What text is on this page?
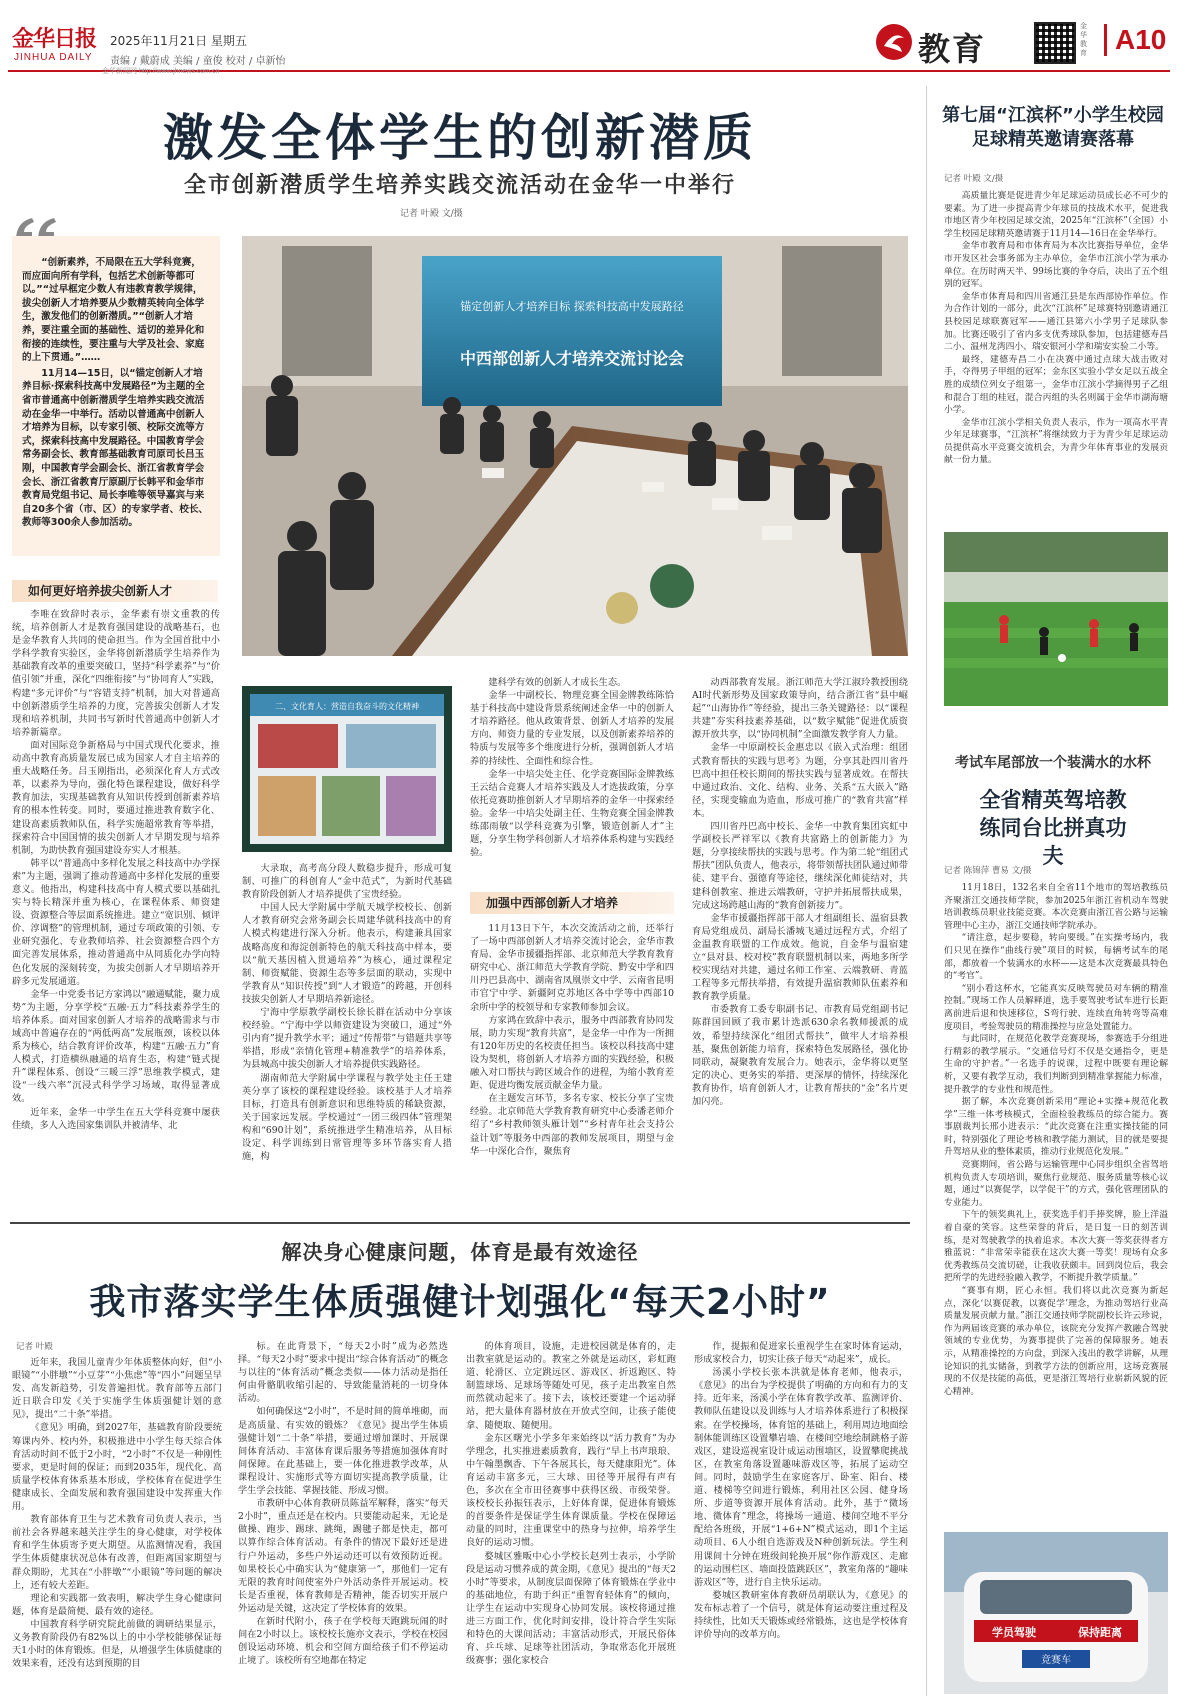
金华日报
JINHUA DAILY
2025年11月21日 星期五
责编 / 戴蔚成 美编 / 童俊 校对 / 卓新怡	教育
金华教育	A10
金华新闻网 http://www.jhnews.com.cn
激发全体学生的创新潜质
全市创新潜质学生培养实践交流活动在金华一中举行
记者 叶殿 文/摄

“创新素养，不局限在五大学科竞赛，而应面向所有学科，包括艺术创新等都可以。”“过早框定少数人有违教育教学规律，拔尖创新人才培养要从少数精英转向全体学生，激发他们的创新潜质。”“创新人才培养，要注重全面的基础性、适切的差异化和衔接的连续性，要注重与大学及社会、家庭的上下贯通。”……

11月14—15日，以“锚定创新人才培养目标·探索科技高中发展路径”为主题的全省市普通高中创新潜质学生培养实践交流活动在金华一中举行。活动以普通高中创新人才培养为目标，以专家引领、校际交流等方式，探索科技高中发展路径。中国教育学会常务副会长、教育部基础教育司原司长吕玉刚，中国教育学会副会长、浙江省教育学会会长、浙江省教育厅原副厅长韩平和金华市教育局党组书记、局长李唯等领导嘉宾与来自20多个省（市、区）的专家学者、校长、教师等300余人参加活动。

如何更好培养拔尖创新人才

李唯在致辞时表示，金华素有崇文重教的传统，培养创新人才是教育强国建设的战略基石，也是金华教育人共同的使命担当。作为全国首批中小学科学教育实验区，金华将创新潜质学生培养作为基础教育改革的重要突破口，坚持“科学素养”与“价值引领”并重，深化“四维衔接”与“协同育人”实践，构建“多元评价”与“容错支持”机制，加大对普通高中创新潜质学生培养的力度，完善拔尖创新人才发现和培养机制，共同书写新时代普通高中创新人才培养新篇章。

面对国际竞争新格局与中国式现代化要求，推动高中教育高质量发展已成为国家人才自主培养的重大战略任务。吕玉刚指出，必须深化育人方式改革，以素养为导向，强化特色课程建设，做好科学教育加法，实现基础教育从知识传授到创新素养培育的根本性转变。同时，要通过推进教育数字化、建设高素质教师队伍，科学实施超常教育等举措，探索符合中国国情的拔尖创新人才早期发现与培养机制，为助快教育强国建设夯实人才根基。

韩平以“普通高中多样化发展之科技高中办学探索”为主题，强调了推动普通高中多样化发展的重要意义。他指出，构建科技高中育人模式要以基础扎实与特长精深并重为核心，在课程体系、师资建设、资源整合等层面系统推进。建立“宽识别、倾评价、淳调整”的管理机制，通过专项政策的引领、专业研究强化、专业教师培养、社会资源整合四个方面完善发展体系，推动普通高中从同质化办学向特色化发展的深刻转变，为拔尖创新人才早期培养开辟多元发展通道。

金华一中党委书记方家鸿以“融通赋能，聚力成势”为主题，分享学校“五融·五力”科技素养学生的培养体系。面对国家创新人才培养的战略需求与市域高中普遍存在的“两低两高”发展瓶颈，该校以体系为核心，结合教育评价改革，构建“五融·五力”育人模式，打造横纵融通的培育生态，构建“链式提升”课程体系、创设“三暖三浮”思维教学模式，建设“一线六率”沉浸式科学学习场域，取得显著成效。

近年来，金华一中学生在五大学科竞赛中屡获佳绩，多人入选国家集训队并被清华、北

锚定创新人才培养目标 探索科技高中发展路径
中西部创新人才培养交流讨论会
二、文化育人：营造自我奋斗的文化精神

建科学有效的创新人才成长生态。

金华一中副校长、物理竞赛全国金牌教练陈恰基于科技高中建设背景系统阐述金华一中的创新人才培养路径。他从政策背景、创新人才培养的发展方向、师资力量的专业发展，以及创新素养培养的特质与发展等多个维度进行分析，强调创新人才培养的持续性、全面性和综合性。

金华一中培尖处主任、化学竞赛国际金牌教练王云结合竞赛人才培养实践及人才选拔政策，分享依托竞赛助推创新人才早期培养的金华一中探索经验。金华一中培尖处副主任、生物竞赛全国金牌教练邵雨敏“以学科竞赛为引擎，锻造创新人才”主题，分享生物学科创新人才培养体系构建与实践经验。

大录取，高考高分段人数稳步提升，形成可复制、可推广的科创育人“金中范式”，为新时代基础教育阶段创新人才培养提供了宝贵经验。

中国人民大学附属中学航天城学校校长、创新人才教育研究会常务副会长周建华就科技高中的育人模式构建进行深入分析。他表示，构建兼具国家战略高度和海淀创新特色的航天科技高中样本，要以“航天基因植入贯通培养”为核心，通过课程定制、师资赋能、资源生态等多层面的联动，实现中学教育从“知识传授”到“人才锻造”的跨越，开创科技拔尖创新人才早期培养新途径。

宁海中学原教学副校长徐长群在活动中分享该校经验。“宁海中学以师资建设为突破口，通过“外引内育”提升教学水平；通过“传帮带”与错题共享等举措，形成“亲情化管理+精准教学”的培养体系，为县城高中拔尖创新人才培养提供实践路径。

湖南师范大学附属中学课程与教学处主任王建英分享了该校的课程建设经验。该校基于人才培养目标，打造具有创新意识和思维特质的稀缺资源，关于国家远发展。学校通过“一团三级四体”管理架构和“690计划”，系统推进学生精准培养，从目标设定、科学训练到日常管理等多环节落实育人措施，构

加强中西部创新人才培养

11月13日下午，本次交流活动之前，还举行了一场中西部创新人才培养交流讨论会，金华市教育局、金华市援疆指挥部、北京师范大学教育教育研究中心、浙江师范大学教育学院、黔安中学和四川丹巴县高中、湖南省凤凰崇文中学、云南省昆明市官宁中学、新疆阿克苏地区各中学等中西部10余所中学的校领导和专家教师参加会议。

方家鸿在致辞中表示，服务中西部教育协同发展，助力实现“教育共富”，是金华一中作为一所拥有120年历史的名校责任担当。该校以科技高中建设为契机，将创新人才培养方面的实践经验，积极融入对口帮扶与跨区域合作的进程，为缩小教育差距、促进均衡发展贡献金华力量。

在主题发言环节，多名专家、校长分享了宝贵经验。北京师范大学教育教育研究中心委潘老师介绍了“乡村教师领头雁计划”“乡村青年社会支持公益计划”等服务中西部的教师发展项目，期望与金华一中深化合作，聚焦育

动西部教育发展。浙江师范大学江淑玲教授围绕AI时代新形势及国家政策导向，结合浙江省“县中崛起”“山海协作”等经验，提出三条关键路径：以“课程共建”夯实科技素养基础，以“数字赋能”促进优质资源开放共享，以“协同机制”全面激发教学育人力量。

金华一中原副校长金惠忠以《嵌入式治理：组团式教育帮扶的实践与思考》为题，分享其赴四川省丹巴高中担任校长期间的帮扶实践与显著成效。在帮扶中通过政治、文化、结构、业务、关系“五大嵌入”路径，实现变输血为造血，形成可推广的“教育共富”样本。

四川省丹巴高中校长、金华一中教育集团宾虹中学副校长严祥军以《教育共富路上的创新能力》为题，分享接续帮扶的实践与思考。作为第二轮“组团式帮扶”团队负责人，他表示，将带领帮扶团队通过师带徒、建平台、强德育等途径，继续深化师徒结对，共建科创教室、推进云端教研，守护并拓展帮扶成果，完成这场跨越山海的“教育创新接力”。

金华市援疆指挥部干部人才组副组长、温宿县教育局党组成员、副局长潘城飞通过远程方式，介绍了金温教育联盟的工作成效。他说，自金华与温宿建立“县对县、校对校”教育联盟机制以来，两地多所学校实现结对共建，通过名师工作室、云端教研、青蓝工程等多元帮扶举措，有效提升温宿教师队伍素养和教育教学质量。

市委教育工委专职副书记、市教育局党组副书记陈群国回顾了我市累计选派630余名教师援派的成效，希望持续深化“组团式帮扶”，做牢人才培养根基，聚焦创新能力培育，探索特色发展路径，强化协同联动，凝聚教育发展合力。她表示，金华将以更坚定的决心、更务实的举措、更深厚的情怀，持续深化教育协作，培育创新人才，让教育帮扶的“金”名片更加闪亮。

第七届“江滨杯”小学生校园足球精英邀请赛落幕
记者 叶殿 文/摄

高质量比赛是促进青少年足球运动员成长必不可少的要素。为了进一步提高青少年球员的技战术水平，促进我市地区青少年校园足球交流，2025年“江滨杯”（全国）小学生校园足球精英邀请赛于11月14—16日在金华举行。

金华市教育局和市体育局为本次比赛指导单位，金华市开发区社会事务部为主办单位，金华市江滨小学为承办单位。在历时两天半、99场比赛的争夺后，决出了五个组别的冠军。

金华市体育局和四川省通江县是东西部协作单位。作为合作计划的一部分，此次“江滨杯”足球赛特别邀请通江县校园足球联赛冠军——通江县第六小学男子足球队参加。比赛还吸引了省内多支优秀球队参加，包括建德寿昌二小、温州龙湾四小、瑞安银河小学和瑞安实验二小等。

最终，建德寿昌二小在决赛中通过点球大战击败对手，夺得男子甲组的冠军；金东区实验小学女足以五战全胜的成绩位列女子组第一，金华市江滨小学摘得男子乙组和混合丁组的桂冠，混合丙组的头名则属于金华市湖海塘小学。

金华市江滨小学相关负责人表示，作为一项高水平青少年足球赛事，“江滨杯”将继续致力于为青少年足球运动员提供高水平竞赛交流机会，为青少年体育事业的发展贡献一份力量。

考试车尾部放一个装满水的水杯
全省精英驾培教练同台比拼真功夫
记者 陈锦萍 曹易 文/摄

11月18日，132名来自全省11个地市的驾培教练员齐聚浙江交通技师学院，参加2025年浙江省机动车驾驶培训教练员职业技能竞赛。本次竞赛由浙江省公路与运输管理中心主办，浙江交通技师学院承办。

“请注意，起步要稳，转向要缓。”在实操考场内，我们只见在操作“曲线行驶”项目的时候，每辆考试车的尾部，都放着一个装满水的水杯——这是本次竞赛最具特色的“考官”。

“别小看这杯水，它能真实反映驾驶员对车辆的精准控制。”现场工作人员解释道，选手要驾驶考试车进行长距离前进后退和快速移位，S弯行驶、连续直角转弯等高难度项目，考验驾驶员的精准操控与应急处置能力。

与此同时，在规范化教学竞赛现场，参赛选手分组进行精彩的教学展示。“交通信号灯不仅是交通指令，更是生命的守护者。”一名选手的说课，过程中既要有理论解析，又要有教学互动，我们判断到到精准掌握能力标准，提升教学的专业性和规范性。

据了解，本次竞赛创新采用“理论+实操+规范化教学”三维一体考核模式，全面检验教练员的综合能力。赛事剧裁判长邢小进表示：“此次竞赛在注重实操技能的同时，特别强化了理论考核和教学能力测试，目的就是要提升驾培从业的整体素质，推动行业规范化发展。”

竞赛期间，省公路与运输管理中心同步组织全省驾培机构负责人专项培训，聚焦行业规范、服务质量等核心议题，通过“以赛促学，以学促干”的方式，强化管理团队的专业能力。

下午的领奖典礼上，获奖选手们手捧奖牌，脸上洋溢着自豪的笑容。这些荣誉的背后，是日复一日的刻苦训练，是对驾驶教学的执着追求。本次大赛一等奖获得者方雅蓝说：“非常荣幸能获在这次大赛一等奖！现场有众多优秀教练员交流切磋，让我收获颇丰。回到岗位后，我会把所学的先进经验融入教学，不断提升教学质量。”

“赛事有期，匠心永恒。我们将以此次竞赛为新起点，深化‘以赛促教，以赛促学’理念，为推动驾培行业高质量发展贡献力量。”浙江交通技师学院副校长许云珍说，作为两届该竞赛的承办单位，该院充分发挥产教融合驾驶领域的专业优势，为赛事提供了完善的保障服务。她表示，从精准操控的方向盘，到深入浅出的教学讲解，从理论知识的扎实储备，到教学方法的创新应用，这场竞赛展现的不仅是技能的高低，更是浙江驾培行业崭新风貌的匠心精神。

学员驾驶	保持距离
竞赛车
解决身心健康问题，体育是最有效途径
我市落实学生体质强健计划强化“每天2小时”
记者 叶殿

近年来，我国儿童青少年体质整体向好，但“小眼镜”“小胖墩”“小豆芽”“小焦虑”等“四小”问题呈早发、高发新趋势，引发普遍担忧。教育部等五部门近日联合印发《关于实施学生体质强健计划的意见》，提出“二十条”举措。

《意见》明确，到2027年，基础教育阶段要统筹课内外、校内外，积极推进中小学生每天综合体育活动时间不低于2小时，“2小时”不仅是一种刚性要求，更是时间的保证；而到2035年，现代化、高质量学校体育体系基本形成，学校体育在促进学生健康成长、全面发展和教育强国建设中发挥重大作用。

教育部体育卫生与艺术教育司负责人表示，当前社会各界越来越关注学生的身心健康，对学校体育和学生体质寄予更大期望。从监测情况看，我国学生体质健康状况总体有改善，但距离国家期望与群众期盼，尤其在“小胖墩”“小眼镜”等问题的解决上，还有较大差距。

理论和实践都一致表明，解决学生身心健康问题，体育是最简便、最有效的途径。

中国教育科学研究院此前做的调研结果显示，义务教育阶段仍有82%以上的中小学校能够保证每天1小时的体育锻炼。但是，从增强学生体质健康的效果来看，还没有达到预期的目

标。在此背景下，“每天2小时”成为必然选择。“每天2小时”要求中提出“综合体育活动”的概念与以往的“体育活动”概念类似——体力活动是指任何由骨骼肌收缩引起的、导致能量消耗的一切身体活动。

如何确保这“2小时”，不是时间的简单堆砌，而是高质量、有实效的锻炼？《意见》提出学生体质强健计划“二十条”举措，要通过增加课时、开展课间体育活动、丰富体育课后服务等措施加强体育时间保障。在此基础上，要一体化推进教学改革，从课程设计、实施形式等方面切实提高教学质量，让学生学会技能、掌握技能、形成习惯。

市教研中心体育教研员陈益军解释，落实“每天2小时”，重点还是在校内。只要能动起来，无论是做操、跑步、踢球、跳绳，踢毽子都是快走，都可以算作综合体育活动。有条件的情况下最好还是进行户外运动，多些户外运动还可以有效预防近视。如果校长心中确实认为“健康第一”，那他们一定有无限的教育时间使室外户外活动条件开展运动。校长是否重视，体育教师是否精神，能否切实开展户外运动是关键，这决定了学校体育的效果。

在新时代附小，孩子在学校每天跑跳玩闹的时间在2小时以上。该校校长施亦文表示，学校在校园创设运动环境、机会和空间方面给孩子们不停运动止境了。该校所有空地都在特定

的体育项目，设施，走进校园就是体育的，走出教室就是运动的。教室之外就是运动区，彩虹跑道、轮滑区、立定跳远区、游戏区、折返跑区、特制篮球场、足球场等随处可见，孩子走出教室自然而然就动起来了。接下去，该校还要建一个运动驿站，把大量体育器材放在开放式空间，让孩子能使拿、随便取、随便用。

金东区曙光小学多年来始终以“活力教育”为办学理念，扎实推进素质教育，践行“早上书声琅琅、中午翰墨飘香、下午各展其长，每天健康阳光”。体育运动丰富多元，三大球、田径等开展得有声有色，多次在全市田径赛事中获得区级、市级荣誉。该校校长孙振钰表示，上好体育课，促进体育锻炼的首要条件是保证学生体育课质量。学校在保障运动量的同时，注重课堂中的热身与拉伸，培养学生良好的运动习惯。

婺城区雅畈中心小学校长赵列士表示，小学阶段是运动习惯养成的黄金期，《意见》提出的“每天2小时”等要求，从制度层面保障了体育锻炼在学业中的基础地位，有助于纠正“重智育轻体育”的倾向，让学生在运动中实现身心协同发展。该校将通过推进三方面工作，优化时间安排，设计符合学生实际和特色的大课间活动；丰富活动形式，开展民俗体育、乒乓球、足球等社团活动，争取常态化开展班级赛事；强化家校合

作，提振和促进家长重视学生在家时体育运动，形成家校合力，切实让孩子每天“动起来”，成长。

汤溪小学校长张本洪就是体育老师，他表示，《意见》的出台为学校提供了明确的方向和有力的支持。近年来，汤溪小学在体育教学改革、监测评价、教师队伍建设以及训练与人才培养体系进行了积极探索。在学校操场，体育馆的基础上，利用周边地面绘制体能训练区设置攀岩墙、在楼间空地绘制跳格子游戏区，建设巡视室设计成运动围墙区，设置攀爬挑战区，在教室角落设置趣味游戏区等，拓展了运动空间。同时，鼓励学生在家庭客厅、卧室、阳台、楼道、楼梯等空间进行锻炼，利用社区公园、健身场所、步道等资源开展体育活动。此外，基于“微场地、微体育”理念，将操场一通道、楼间空地不平分配给各班级，开展“1+6+N”模式运动，即1个主运动项目、6人小组自选游戏及N种创新玩法。学生利用课间十分钟在班级间轮换开展“你作游戏区、走廊的运动围栏区、墙面投篮跳跃区”，教室角落的“趣味游戏区”等，进行自主快乐运动。

婺城区教研室体育教研员胡联认为，《意见》的发布标志着了一个信号，就是体育运动要注重过程及持续性，比如天天锻炼或经常锻炼，这也是学校体育评价导向的改革方向。
